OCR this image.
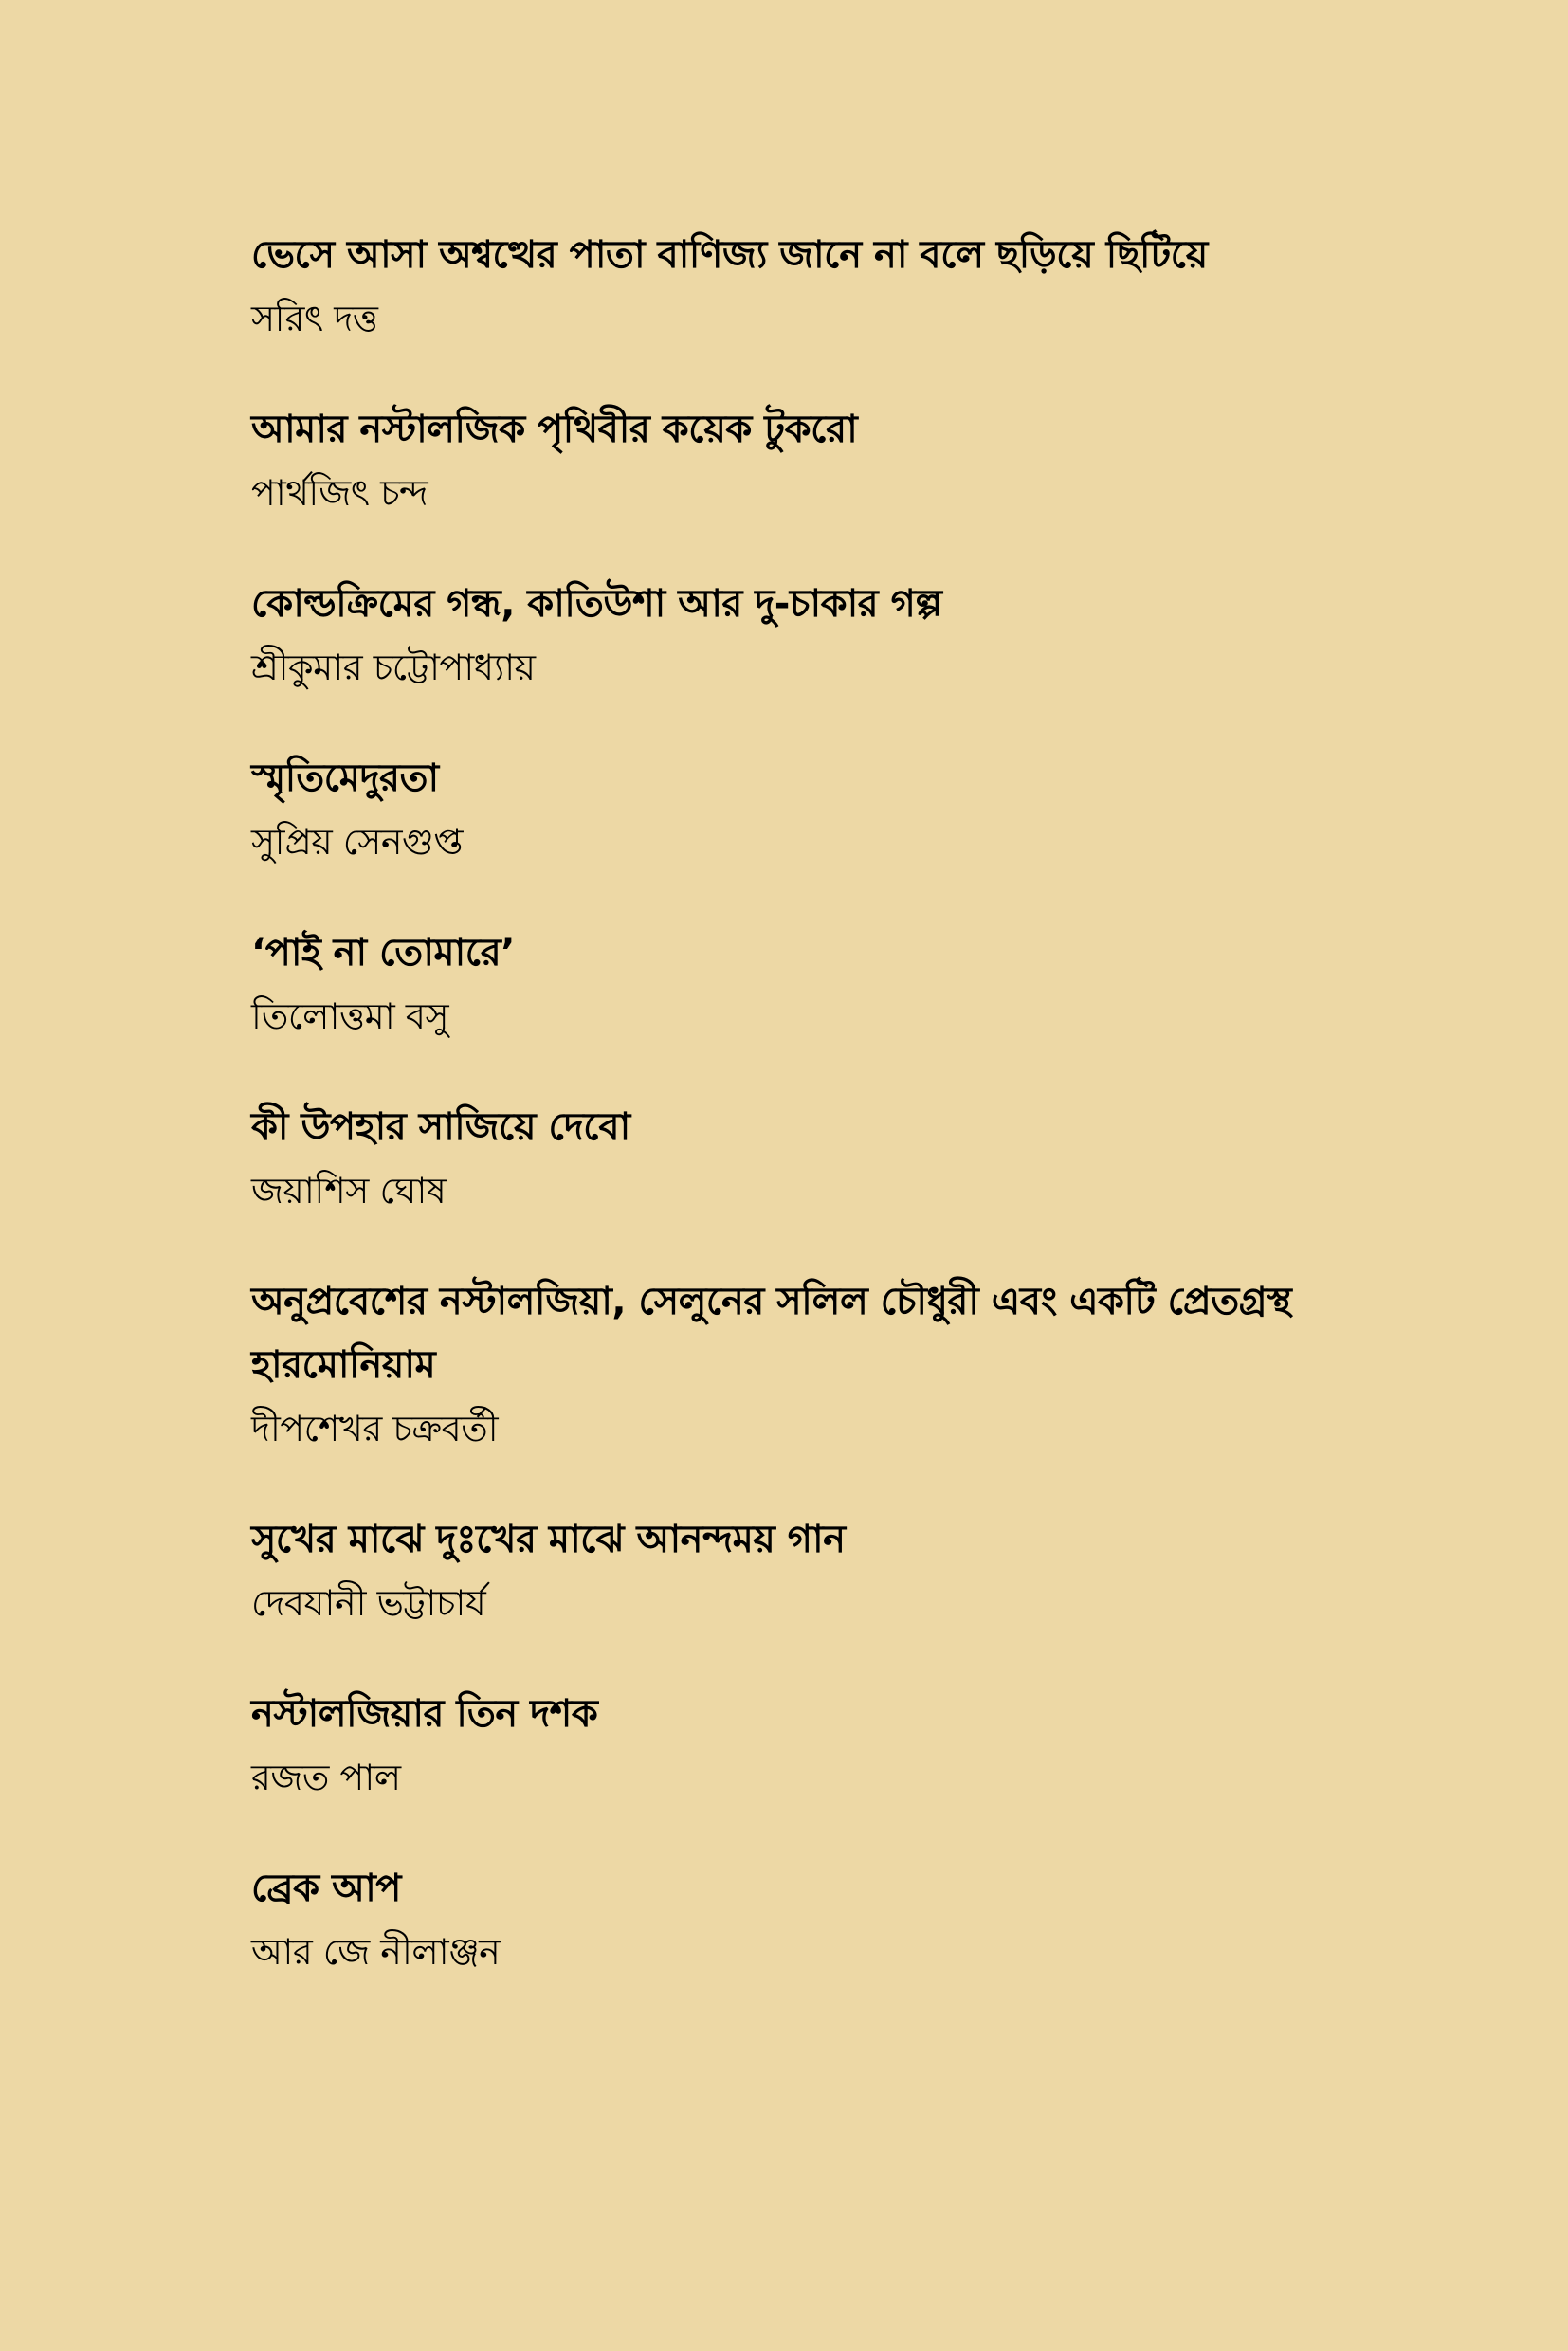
ভেসে আসা অশ্বত্থের পাতা বাণিজ্য জানে না বলে ছড়িয়ে ছিটিয়ে

সরিৎ দত্ত

আমার নস্টালজিক পৃথিবীর কয়েক টুকরো

পার্থজিৎ চন্দ

কোল্ডক্রিমের গন্ধ, কাতিউশা আর দু-চাকার গল্প

শ্রীকুমার চট্টোপাধ্যায়

স্মৃতিমেদুরতা

সুপ্রিয় সেনগুপ্ত

‘পাই না তোমারে’

তিলোত্তমা বসু

কী উপহার সাজিয়ে দেবো

জয়াশিস ঘোষ

অনুপ্রবেশের নস্টালজিয়া, সেলুনের সলিল চৌধুরী এবং একটি প্রেতগ্রস্থ হারমোনিয়াম

দীপশেখর চক্রবর্তী

সুখের মাঝে দুঃখের মাঝে আনন্দময় গান

দেবযানী ভট্টাচার্য

নস্টালজিয়ার তিন দশক

রজত পাল

ব্রেক আপ

আর জে নীলাঞ্জন
